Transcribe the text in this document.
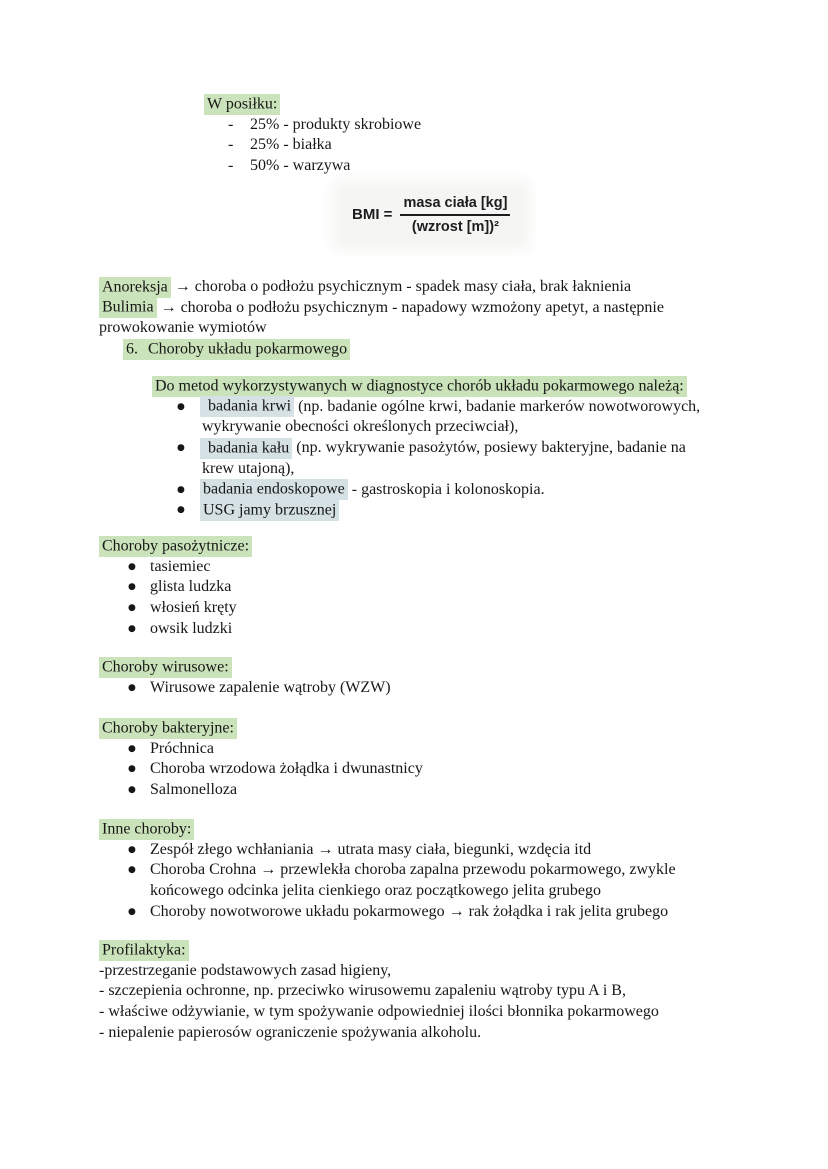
W posiłku:
- 25% - produkty skrobiowe
- 25% - białka
- 50% - warzywa
BMI = $\frac{\text{masa ciała [kg]}}{\text{(wzrost [m])²}}$
Anoreksja → choroba o podłożu psychicznym - spadek masy ciała, brak łaknienia
Bulimia → choroba o podłożu psychicznym - napadowy wzmożony apetyt, a następnie
prowokowanie wymiotów
6. Choroby układu pokarmowego
Do metod wykorzystywanych w diagnostyce chorób układu pokarmowego należą:
● badania krwi (np. badanie ogólne krwi, badanie markerów nowotworowych,
wykrywanie obecności określonych przeciwciał),
● badania kału (np. wykrywanie pasożytów, posiewy bakteryjne, badanie na
krew utajoną),
● badania endoskopowe - gastroskopia i kolonoskopia.
● USG jamy brzusznej
Choroby pasożytnicze:
● tasiemiec
● glista ludzka
● włosień kręty
● owsik ludzki
Choroby wirusowe:
● Wirusowe zapalenie wątroby (WZW)
Choroby bakteryjne:
● Próchnica
● Choroba wrzodowa żołądka i dwunastnicy
● Salmonelloza
Inne choroby:
● Zespół złego wchłaniania → utrata masy ciała, biegunki, wzdęcia itd
● Choroba Crohna → przewlekła choroba zapalna przewodu pokarmowego, zwykle
końcowego odcinka jelita cienkiego oraz początkowego jelita grubego
● Choroby nowotworowe układu pokarmowego → rak żołądka i rak jelita grubego
Profilaktyka:
-przestrzeganie podstawowych zasad higieny,
- szczepienia ochronne, np. przeciwko wirusowemu zapaleniu wątroby typu A i B,
- właściwe odżywianie, w tym spożywanie odpowiedniej ilości błonnika pokarmowego
- niepalenie papierosów ograniczenie spożywania alkoholu.
